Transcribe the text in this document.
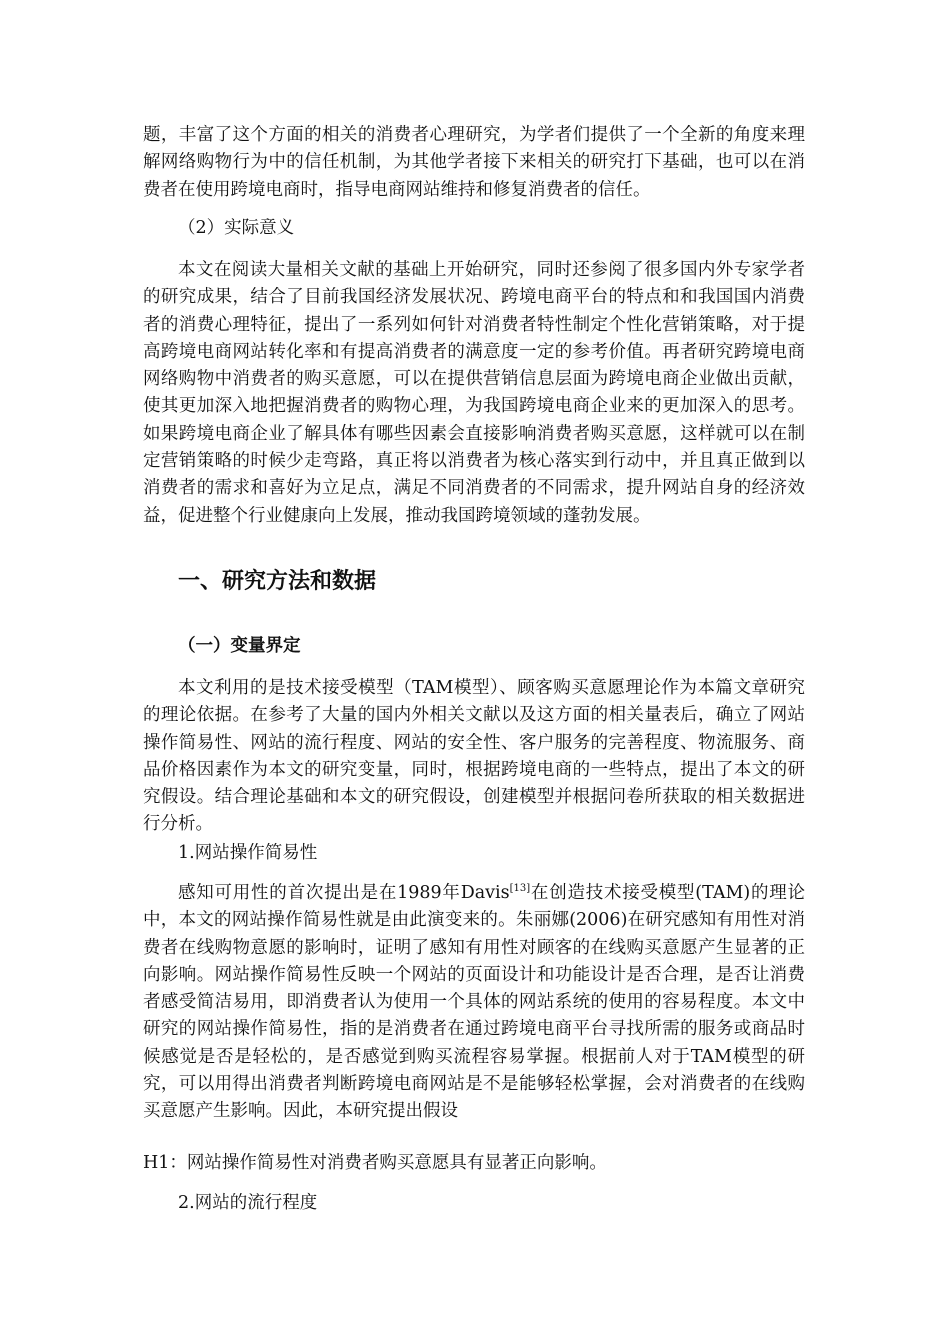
题，丰富了这个方面的相关的消费者心理研究，为学者们提供了一个全新的角度来理解网络购物行为中的信任机制，为其他学者接下来相关的研究打下基础，也可以在消费者在使用跨境电商时，指导电商网站维持和修复消费者的信任。

（2）实际意义

本文在阅读大量相关文献的基础上开始研究，同时还参阅了很多国内外专家学者的研究成果，结合了目前我国经济发展状况、跨境电商平台的特点和和我国国内消费者的消费心理特征，提出了一系列如何针对消费者特性制定个性化营销策略，对于提高跨境电商网站转化率和有提高消费者的满意度一定的参考价值。再者研究跨境电商网络购物中消费者的购买意愿，可以在提供营销信息层面为跨境电商企业做出贡献，使其更加深入地把握消费者的购物心理，为我国跨境电商企业来的更加深入的思考。如果跨境电商企业了解具体有哪些因素会直接影响消费者购买意愿，这样就可以在制定营销策略的时候少走弯路，真正将以消费者为核心落实到行动中，并且真正做到以消费者的需求和喜好为立足点，满足不同消费者的不同需求，提升网站自身的经济效益，促进整个行业健康向上发展，推动我国跨境领域的蓬勃发展。

一、研究方法和数据
（一）变量界定

本文利用的是技术接受模型（TAM模型）、顾客购买意愿理论作为本篇文章研究的理论依据。在参考了大量的国内外相关文献以及这方面的相关量表后，确立了网站操作简易性、网站的流行程度、网站的安全性、客户服务的完善程度、物流服务、商品价格因素作为本文的研究变量，同时，根据跨境电商的一些特点，提出了本文的研究假设。结合理论基础和本文的研究假设，创建模型并根据问卷所获取的相关数据进行分析。

1.网站操作简易性

感知可用性的首次提出是在1989年Davis[13]在创造技术接受模型(TAM)的理论中，本文的网站操作简易性就是由此演变来的。朱丽娜(2006)在研究感知有用性对消费者在线购物意愿的影响时，证明了感知有用性对顾客的在线购买意愿产生显著的正向影响。网站操作简易性反映一个网站的页面设计和功能设计是否合理，是否让消费者感受简洁易用，即消费者认为使用一个具体的网站系统的使用的容易程度。本文中研究的网站操作简易性，指的是消费者在通过跨境电商平台寻找所需的服务或商品时候感觉是否是轻松的，是否感觉到购买流程容易掌握。根据前人对于TAM模型的研究，可以用得出消费者判断跨境电商网站是不是能够轻松掌握，会对消费者的在线购买意愿产生影响。因此，本研究提出假设

H1：网站操作简易性对消费者购买意愿具有显著正向影响。

2.网站的流行程度
